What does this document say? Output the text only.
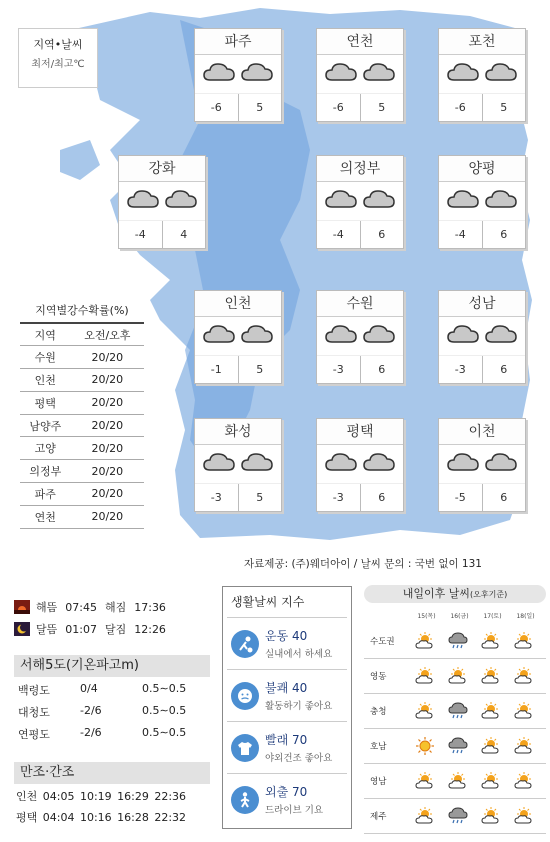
지역•날씨
최저/최고℃
파주
-6	5
연천
-6	5
포천
-6	5
강화
-4	4
의정부
-4	6
양평
-4	6
인천
-1	5
수원
-3	6
성남
-3	6
화성
-3	5
평택
-3	6
이천
-5	6
지역별강수확률(%)
지역	오전/오후
수원	20/20
인천	20/20
평택	20/20
남양주	20/20
고양	20/20
의정부	20/20
파주	20/20
연천	20/20
자료제공: (주)웨더아이 / 날씨 문의 : 국번 없이 131
해뜸 07:45 해짐 17:36
달뜸 01:07 달짐 12:26
서해5도(기온파고m)
백령도	0/4	0.5∼0.5
대청도	-2/6	0.5∼0.5
연평도	-2/6	0.5∼0.5
만조·간조
인천 04:05 10:19 16:29 22:36
평택 04:04 10:16 16:28 22:32
생활날씨 지수
운동 40
실내에서 하세요
불쾌 40
활동하기 좋아요
빨래 70
야외건조 좋아요
외출 70
드라이브 기요
내일이후 날씨(오후기준)
15(목)	16(금)	17(토)	18(일)
수도권
영동
충청
호남
영남
제주
